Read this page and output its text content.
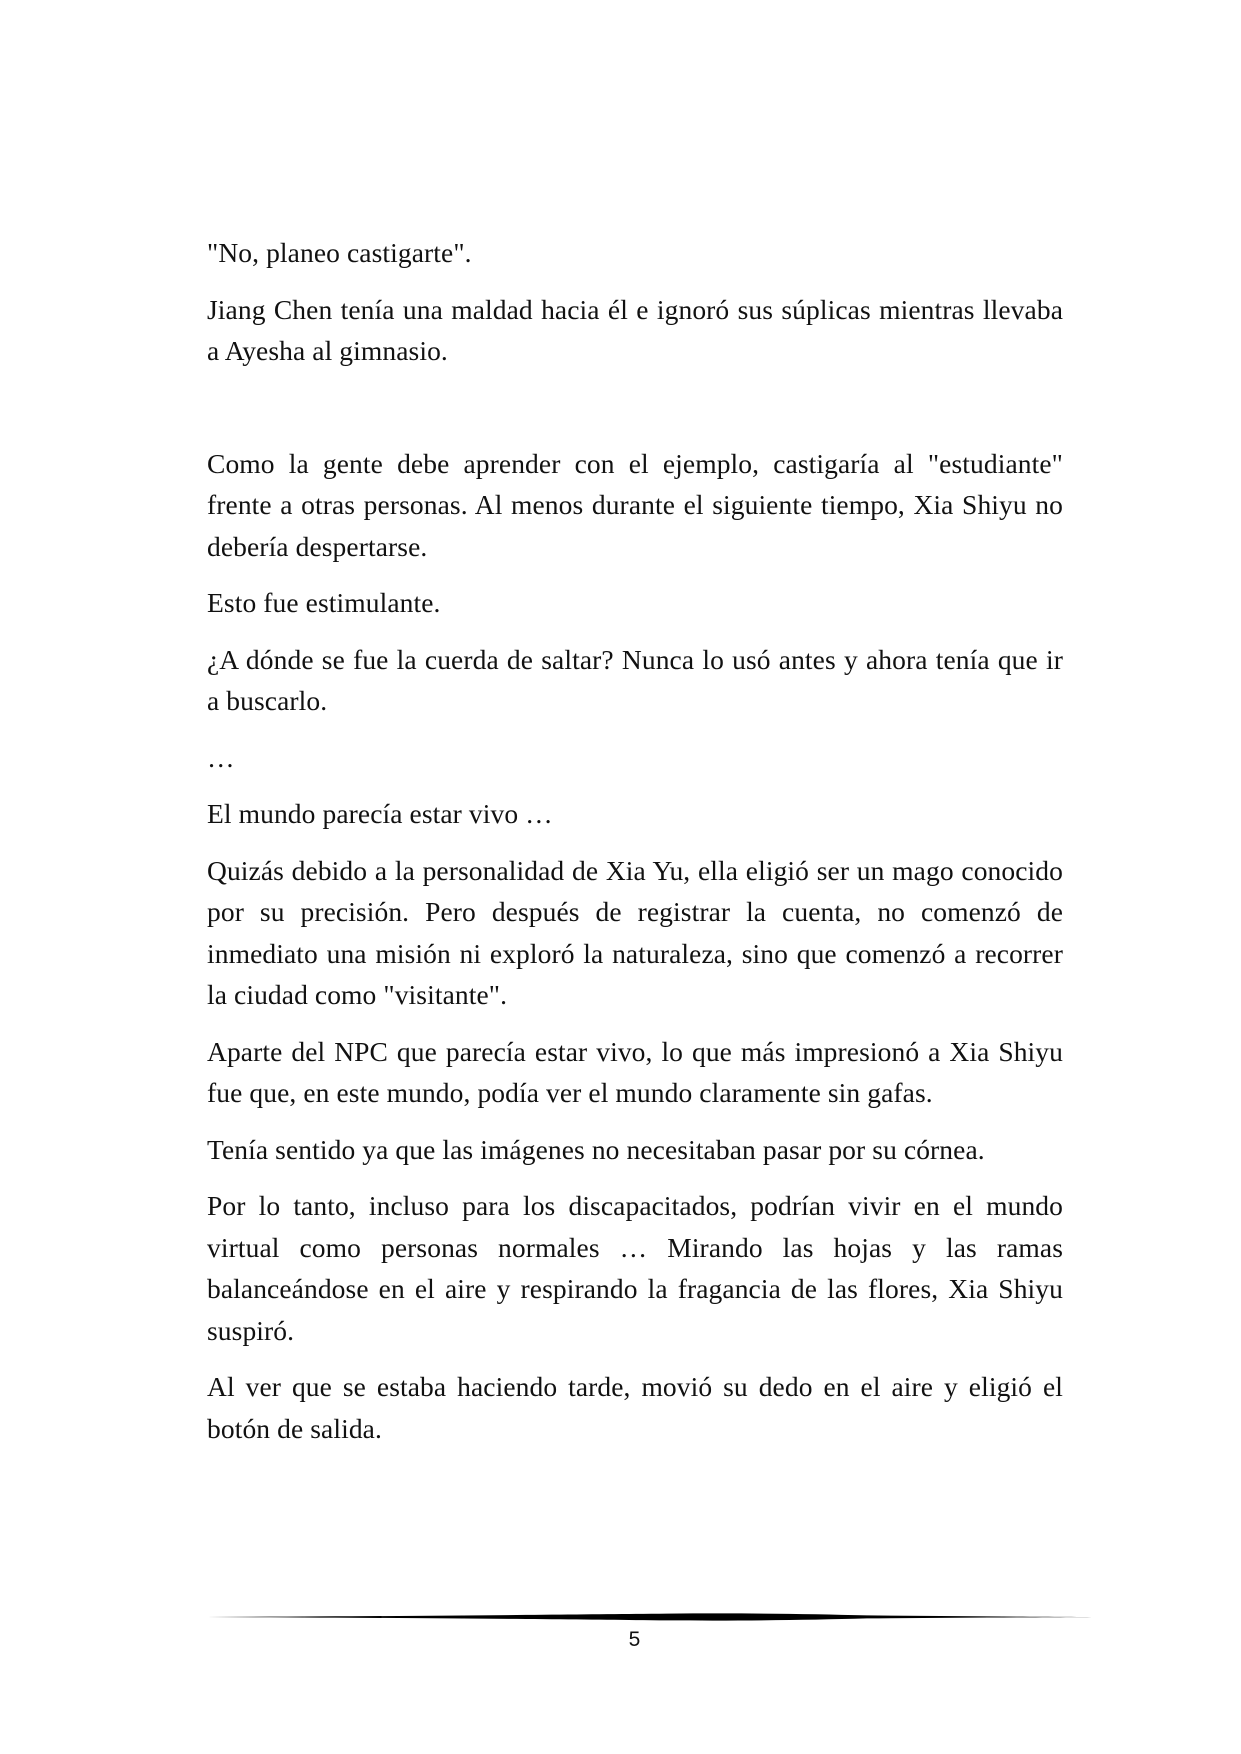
"No, planeo castigarte".

Jiang Chen tenía una maldad hacia él e ignoró sus súplicas mientras llevaba a Ayesha al gimnasio.

Como la gente debe aprender con el ejemplo, castigaría al "estudiante" frente a otras personas. Al menos durante el siguiente tiempo, Xia Shiyu no debería despertarse.

Esto fue estimulante.

¿A dónde se fue la cuerda de saltar? Nunca lo usó antes y ahora tenía que ir a buscarlo.

…

El mundo parecía estar vivo …

Quizás debido a la personalidad de Xia Yu, ella eligió ser un mago conocido por su precisión. Pero después de registrar la cuenta, no comenzó de inmediato una misión ni exploró la naturaleza, sino que comenzó a recorrer la ciudad como "visitante".

Aparte del NPC que parecía estar vivo, lo que más impresionó a Xia Shiyu fue que, en este mundo, podía ver el mundo claramente sin gafas.

Tenía sentido ya que las imágenes no necesitaban pasar por su córnea.

Por lo tanto, incluso para los discapacitados, podrían vivir en el mundo virtual como personas normales … Mirando las hojas y las ramas balanceándose en el aire y respirando la fragancia de las flores, Xia Shiyu suspiró.

Al ver que se estaba haciendo tarde, movió su dedo en el aire y eligió el botón de salida.

5
